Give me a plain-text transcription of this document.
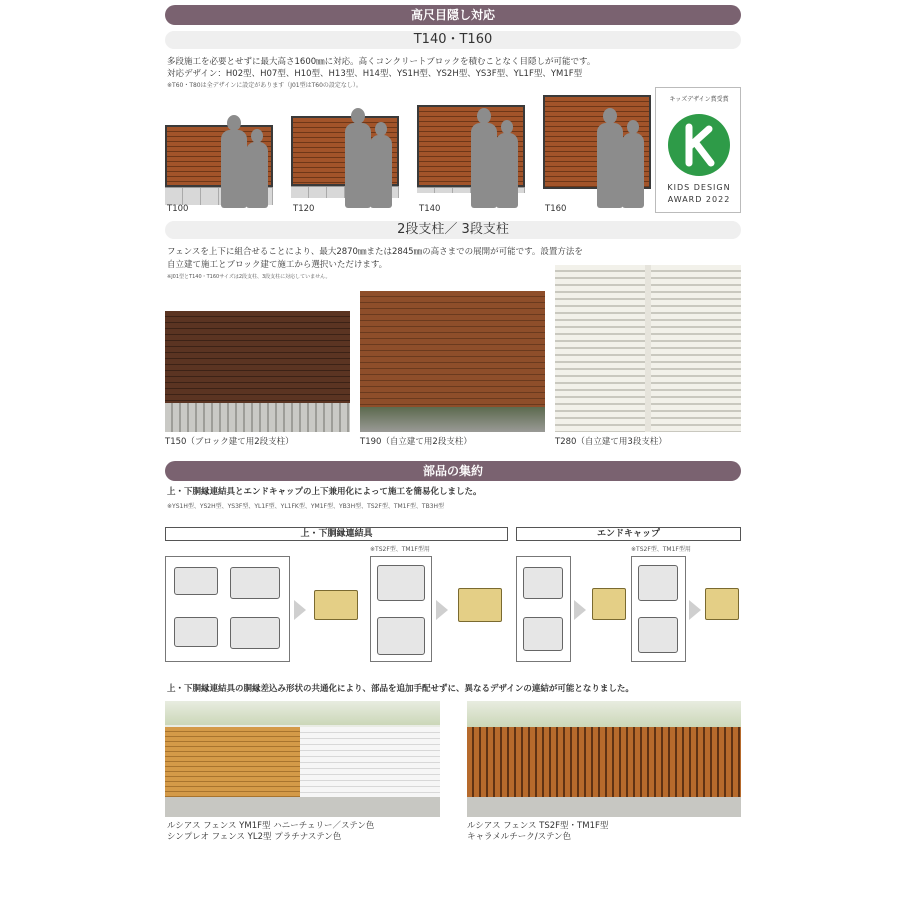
高尺目隠し対応
T140・T160
多段施工を必要とせずに最大高さ1600㎜に対応。高くコンクリートブロックを積むことなく目隠しが可能です。
対応デザイン：H02型、H07型、H10型、H13型、H14型、YS1H型、YS2H型、YS3F型、YL1F型、YM1F型
※T60・T80は全デザインに設定があります（J01型はT60の設定なし）。
T100	T120	T140	T160
キッズデザイン賞受賞
KIDS DESIGN
AWARD 2022
2段支柱／ 3段支柱
フェンスを上下に組合せることにより、最大2870㎜または2845㎜の高さまでの展開が可能です。設置方法を
自立建て施工とブロック建て施工から選択いただけます。
※J01型とT140・T160サイズは2段支柱、3段支柱に対応していません。
T150（ブロック建て用2段支柱）	T190（自立建て用2段支柱）	T280（自立建て用3段支柱）
部品の集約
上・下胴縁連結具とエンドキャップの上下兼用化によって施工を簡易化しました。
※YS1H型、YS2H型、YS3F型、YL1F型、YL1FK型、YM1F型、YB3H型、TS2F型、TM1F型、TB3H型
上・下胴縁連結具	エンドキャップ
※TS2F型、TM1F型用	※TS2F型、TM1F型用
上・下胴縁連結具の胴縁差込み形状の共通化により、部品を追加手配せずに、異なるデザインの連結が可能となりました。
ルシアス フェンス YM1F型 ハニーチェリー／ステン色
シンプレオ フェンス YL2型 プラチナステン色
ルシアス フェンス TS2F型・TM1F型
キャラメルチーク/ステン色
